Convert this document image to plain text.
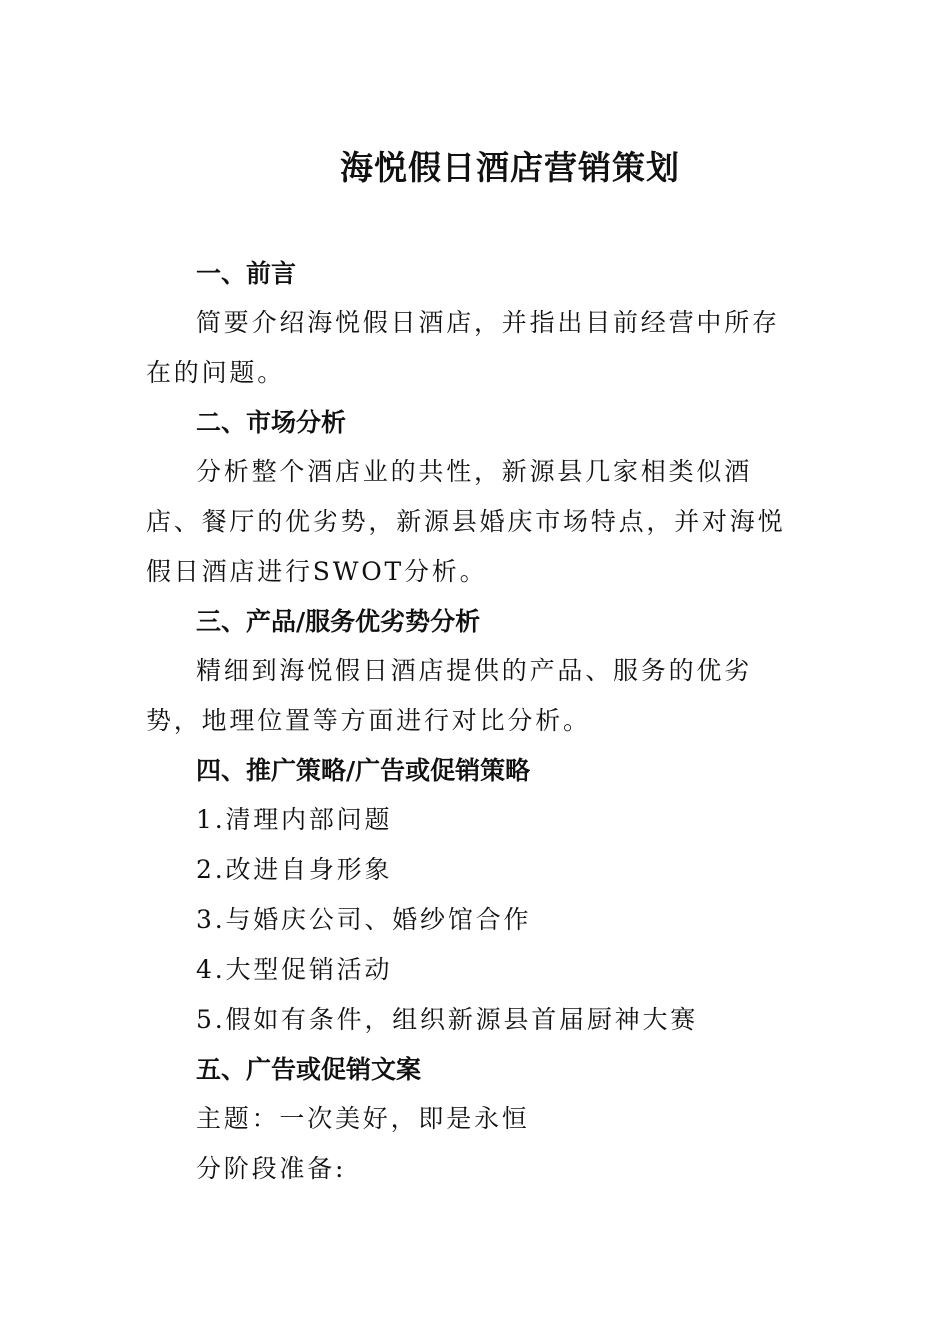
海悦假日酒店营销策划
一、前言

简要介绍海悦假日酒店，并指出目前经营中所存在的问题。

二、市场分析

分析整个酒店业的共性，新源县几家相类似酒店、餐厅的优劣势，新源县婚庆市场特点，并对海悦假日酒店进行SWOT分析。

三、产品/服务优劣势分析

精细到海悦假日酒店提供的产品、服务的优劣势，地理位置等方面进行对比分析。

四、推广策略/广告或促销策略

1.清理内部问题

2.改进自身形象

3.与婚庆公司、婚纱馆合作

4.大型促销活动

5.假如有条件，组织新源县首届厨神大赛

五、广告或促销文案

主题：一次美好，即是永恒

分阶段准备:
